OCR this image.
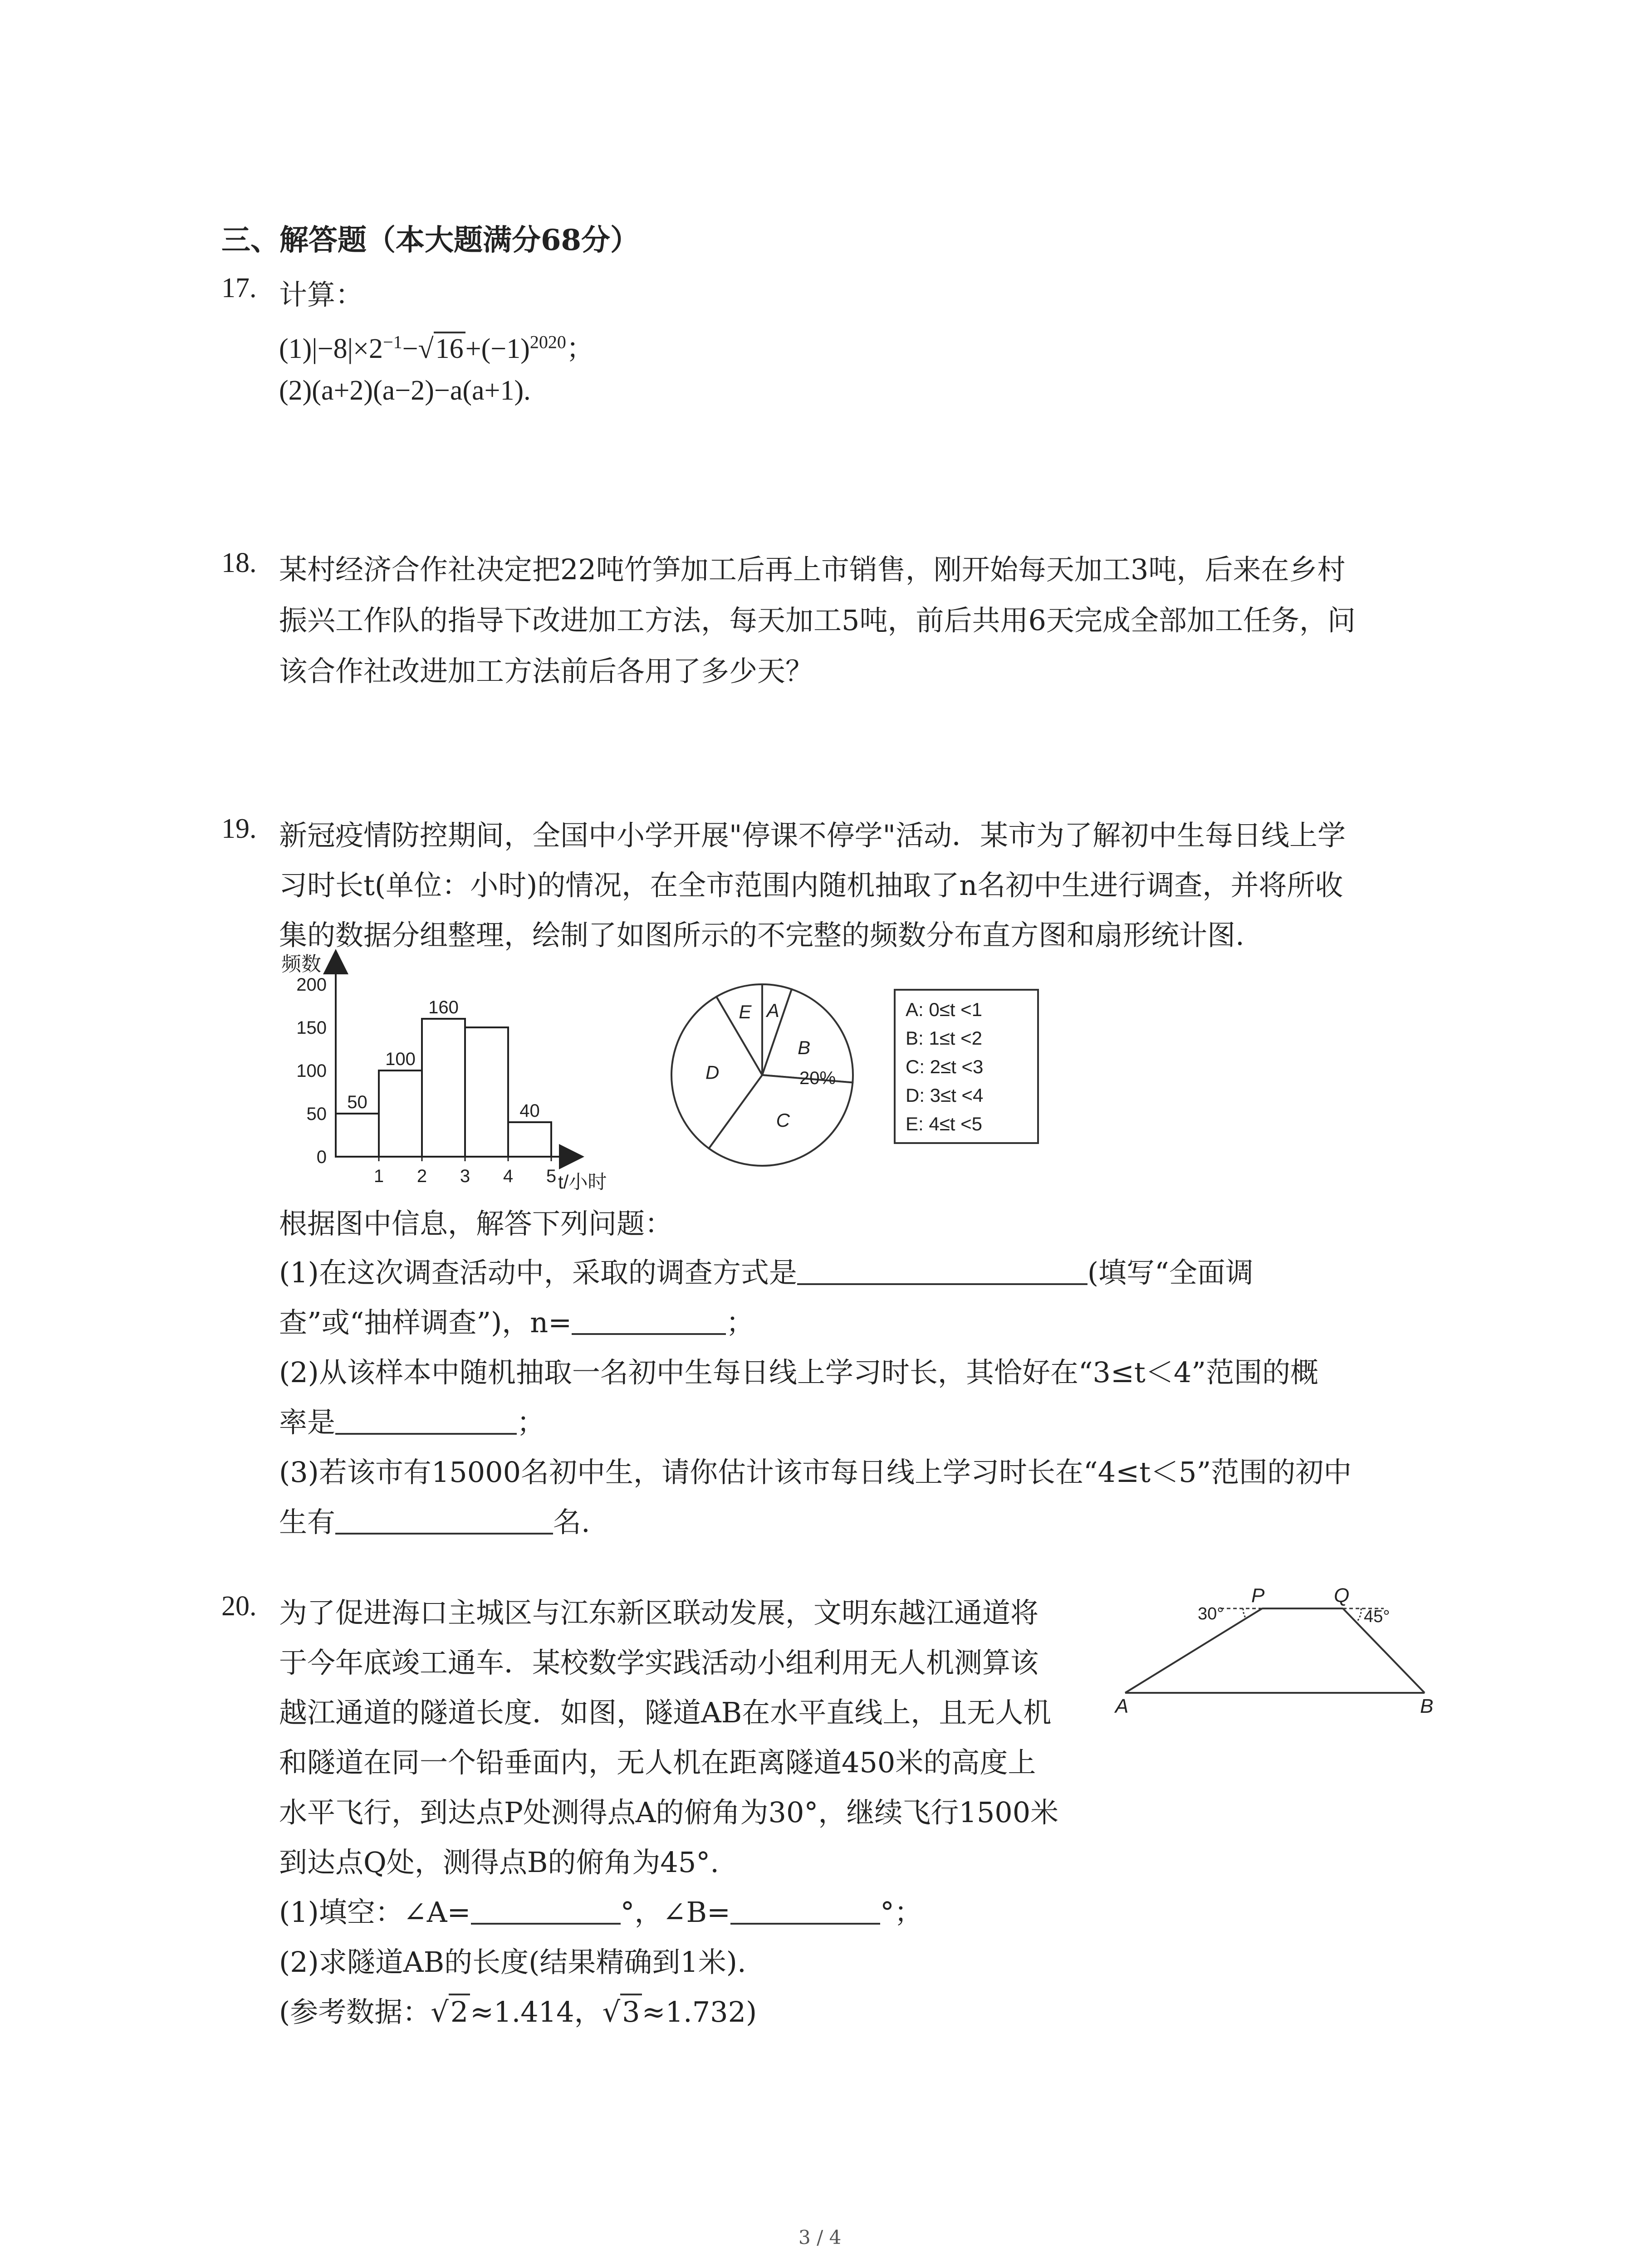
三、解答题（本大题满分68分）
17. 计算：
$(1)|-8|\times 2^{-1}-√16+(-1)^{2020}$；
(2)(a+2)(a−2)−a(a+1).
18. 某村经济合作社决定把22吨竹笋加工后再上市销售，刚开始每天加工3吨，后来在乡村
振兴工作队的指导下改进加工方法，每天加工5吨，前后共用6天完成全部加工任务，问
该合作社改进加工方法前后各用了多少天？
19. 新冠疫情防控期间，全国中小学开展"停课不停学"活动．某市为了解初中生每日线上学
习时长t(单位：小时)的情况，在全市范围内随机抽取了n名初中生进行调查，并将所收
集的数据分组整理，绘制了如图所示的不完整的频数分布直方图和扇形统计图.
频数
0
50
100
150
200
50
100
160
40
1 2 3 4 5 t/小时
E A
B
20%
C
D
A: 0≤t <1
B: 1≤t <2
C: 2≤t <3
D: 3≤t <4
E: 4≤t <5
根据图中信息，解答下列问题：
(1)在这次调查活动中，采取的调查方式是	(填写“全面调
查”或“抽样调查”)，n=	；
(2)从该样本中随机抽取一名初中生每日线上学习时长，其恰好在“3≤t＜4”范围的概
率是	；
(3)若该市有15000名初中生，请你估计该市每日线上学习时长在“4≤t＜5”范围的初中
生有	名.
20. 为了促进海口主城区与江东新区联动发展，文明东越江通道将
于今年底竣工通车．某校数学实践活动小组利用无人机测算该
越江通道的隧道长度．如图，隧道AB在水平直线上，且无人机
和隧道在同一个铅垂面内，无人机在距离隧道450米的高度上
水平飞行，到达点P处测得点A的俯角为30°，继续飞行1500米
到达点Q处，测得点B的俯角为45°.
P	Q
A	B
30°	45°
(1)填空：∠A=	°，∠B=	°；
(2)求隧道AB的长度(结果精确到1米).
(参考数据：√2≈1.414，√3≈1.732)
3 / 4
